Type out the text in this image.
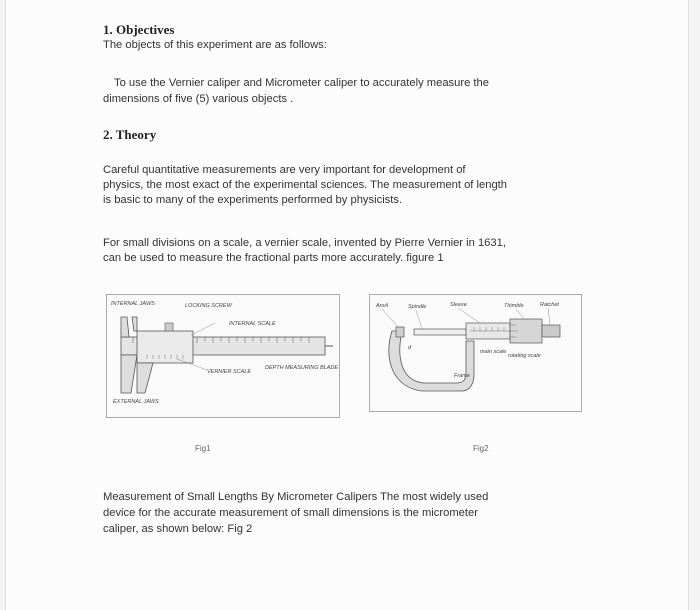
1. Objectives
The objects of this experiment are as follows:
To use the Vernier caliper and Micrometer caliper to accurately measure the
dimensions of five (5) various objects .
2. Theory
Careful quantitative measurements are very important for development of
physics, the most exact of the experimental sciences. The measurement of length
is basic to many of the experiments performed by physicists.
For small divisions on a scale, a vernier scale, invented by Pierre Vernier in 1631,
can be used to measure the fractional parts more accurately. figure 1
INTERNAL JAWS	LOCKING SCREW
INTERNAL SCALE
VERNIER SCALE
DEPTH MEASURING BLADE
EXTERNAL JAWS
Anvil	Spindle	Sleeve	Thimble	Ratchet
d
main scale
rotating scale
Frame
Fig1	Fig2
Measurement of Small Lengths By Micrometer Calipers The most widely used
device for the accurate measurement of small dimensions is the micrometer
caliper, as shown below: Fig 2
